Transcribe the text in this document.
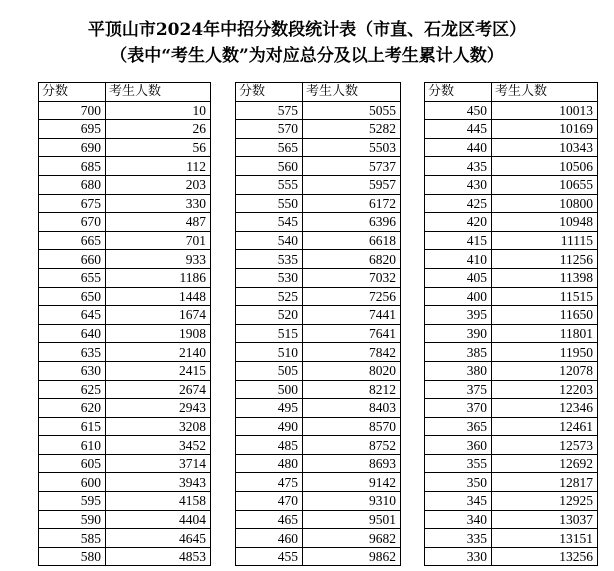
平顶山市2024年中招分数段统计表（市直、石龙区考区）
（表中“考生人数”为对应总分及以上考生累计人数）
分数	考生人数		分数	考生人数		分数	考生人数
700	10		575	5055		450	10013
695	26		570	5282		445	10169
690	56		565	5503		440	10343
685	112		560	5737		435	10506
680	203		555	5957		430	10655
675	330		550	6172		425	10800
670	487		545	6396		420	10948
665	701		540	6618		415	11115
660	933		535	6820		410	11256
655	1186		530	7032		405	11398
650	1448		525	7256		400	11515
645	1674		520	7441		395	11650
640	1908		515	7641		390	11801
635	2140		510	7842		385	11950
630	2415		505	8020		380	12078
625	2674		500	8212		375	12203
620	2943		495	8403		370	12346
615	3208		490	8570		365	12461
610	3452		485	8752		360	12573
605	3714		480	8693		355	12692
600	3943		475	9142		350	12817
595	4158		470	9310		345	12925
590	4404		465	9501		340	13037
585	4645		460	9682		335	13151
580	4853		455	9862		330	13256
